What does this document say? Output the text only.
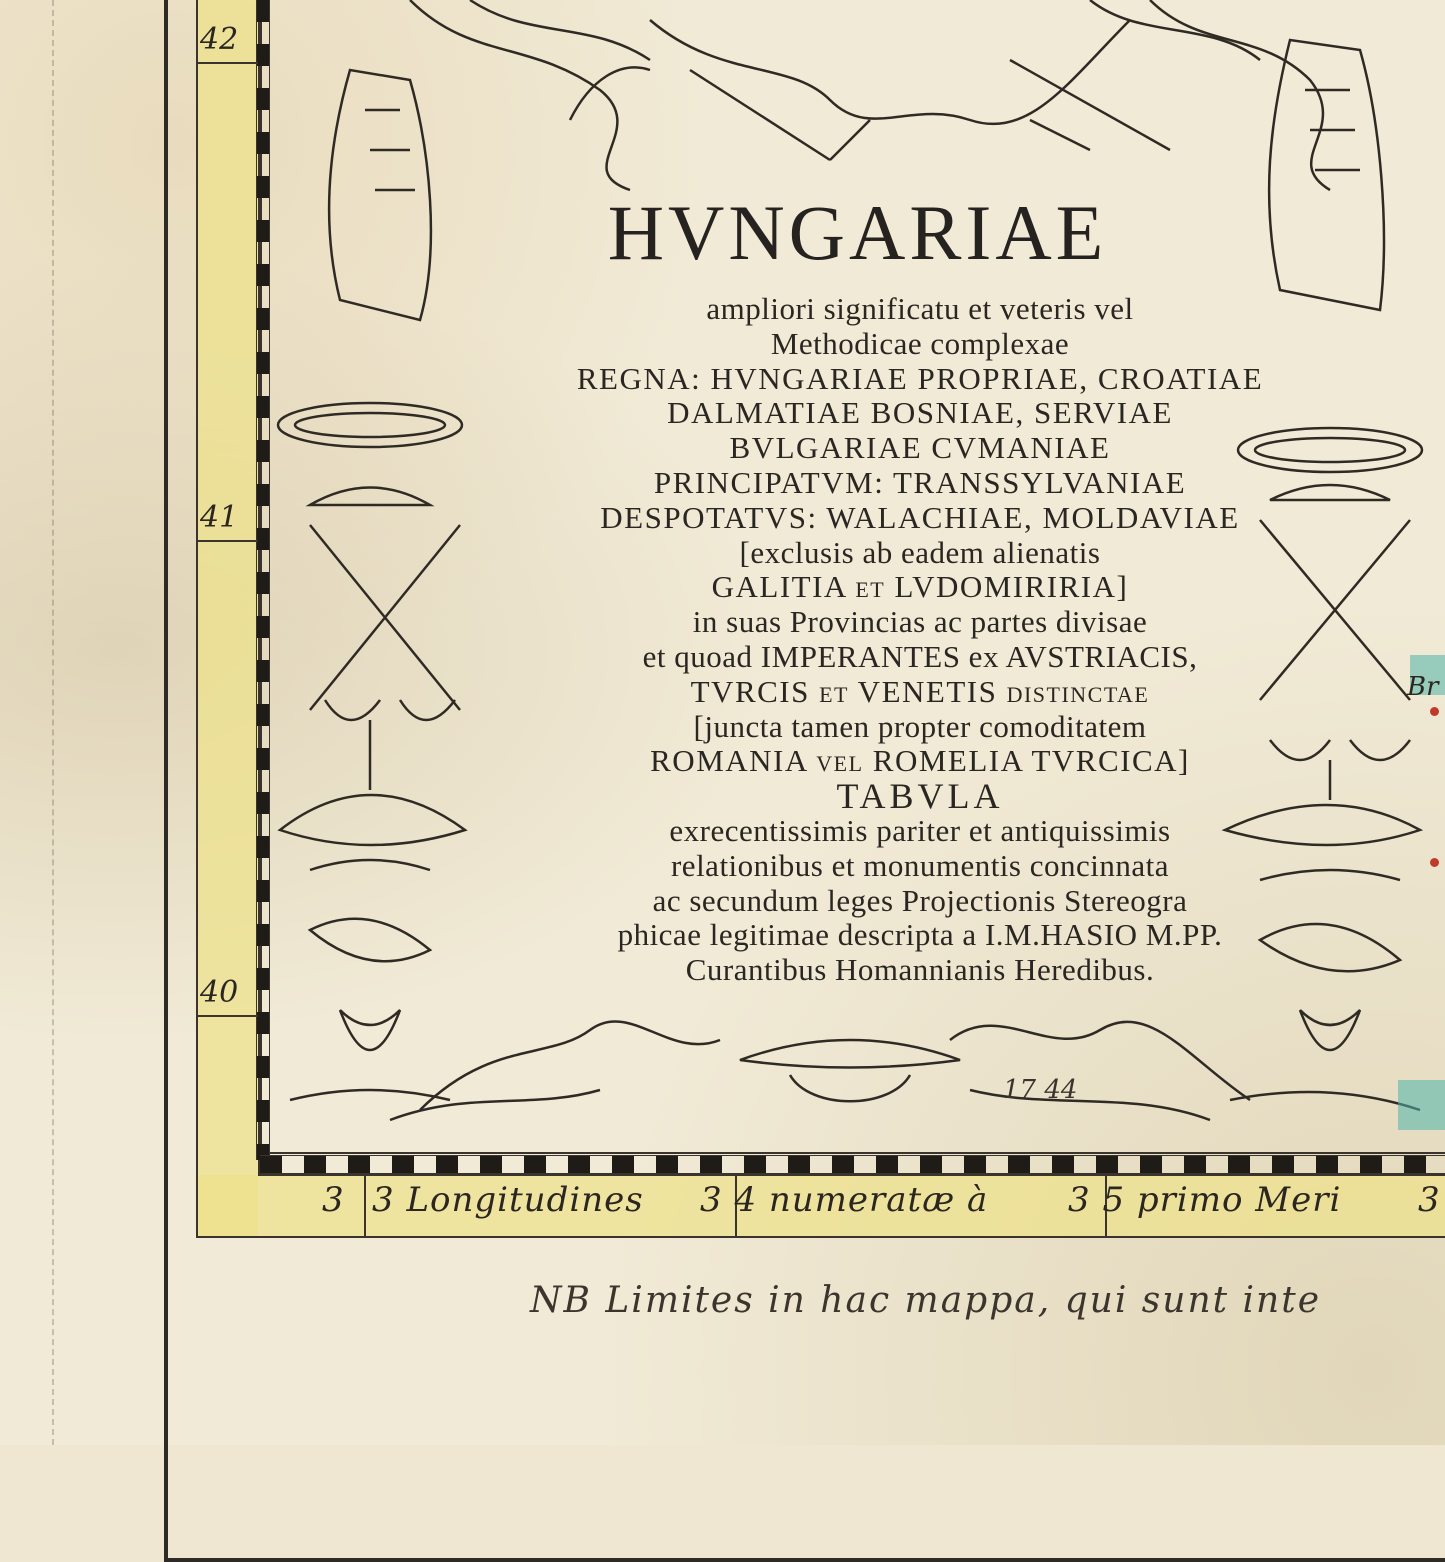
42
41
40
3 3 Longitudines 3 4 numeratæ à 3 5 primo Meri 3
HVNGARIAE
ampliori significatu et veteris vel
Methodicae complexae
REGNA: HVNGARIAE PROPRIAE, CROATIAE
DALMATIAE BOSNIAE, SERVIAE
BVLGARIAE CVMANIAE
PRINCIPATVM: TRANSSYLVANIAE
DESPOTATVS: WALACHIAE, MOLDAVIAE
[exclusis ab eadem alienatis
GALITIA et LVDOMIRIRIA]
in suas Provincias ac partes divisae
et quoad IMPERANTES ex AVSTRIACIS,
TVRCIS et VENETIS distinctae
[juncta tamen propter comoditatem
ROMANIA vel ROMELIA TVRCICA]
TABVLA
exrecentissimis pariter et antiquissimis
relationibus et monumentis concinnata
ac secundum leges Projectionis Stereogra
phicae legitimae descripta a I.M.HASIO M.PP.
Curantibus Homannianis Heredibus.
17 44
Br
NB Limites in hac mappa, qui sunt inte
